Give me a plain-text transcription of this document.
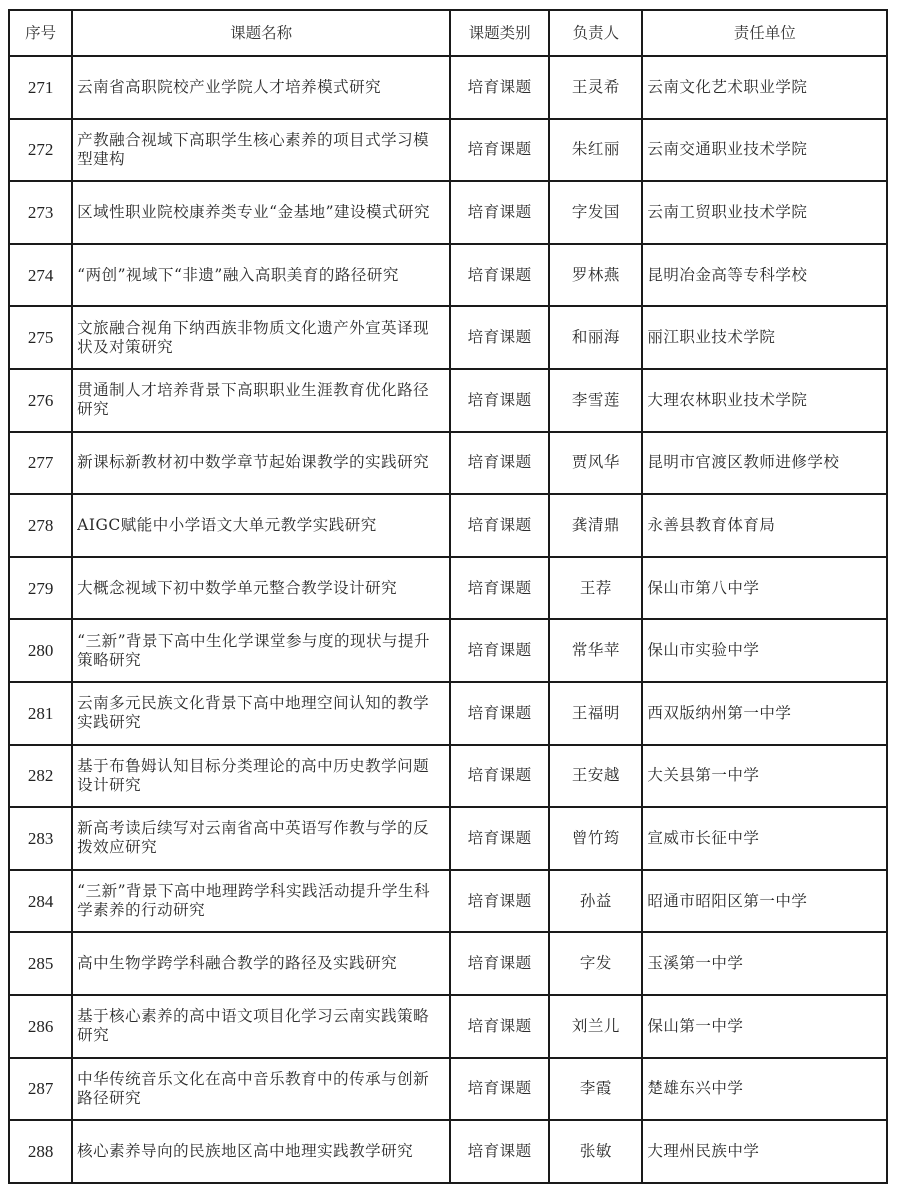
序号	课题名称	课题类别	负责人	责任单位
271	云南省高职院校产业学院人才培养模式研究	培育课题	王灵希	云南文化艺术职业学院
272	产教融合视域下高职学生核心素养的项目式学习模型建构	培育课题	朱红丽	云南交通职业技术学院
273	区域性职业院校康养类专业“金基地”建设模式研究	培育课题	字发国	云南工贸职业技术学院
274	“两创”视域下“非遗”融入高职美育的路径研究	培育课题	罗林燕	昆明冶金高等专科学校
275	文旅融合视角下纳西族非物质文化遗产外宣英译现状及对策研究	培育课题	和丽海	丽江职业技术学院
276	贯通制人才培养背景下高职职业生涯教育优化路径研究	培育课题	李雪莲	大理农林职业技术学院
277	新课标新教材初中数学章节起始课教学的实践研究	培育课题	贾风华	昆明市官渡区教师进修学校
278	AIGC赋能中小学语文大单元教学实践研究	培育课题	龚清鼎	永善县教育体育局
279	大概念视域下初中数学单元整合教学设计研究	培育课题	王荐	保山市第八中学
280	“三新”背景下高中生化学课堂参与度的现状与提升策略研究	培育课题	常华苹	保山市实验中学
281	云南多元民族文化背景下高中地理空间认知的教学实践研究	培育课题	王福明	西双版纳州第一中学
282	基于布鲁姆认知目标分类理论的高中历史教学问题设计研究	培育课题	王安越	大关县第一中学
283	新高考读后续写对云南省高中英语写作教与学的反拨效应研究	培育课题	曾竹筠	宣威市长征中学
284	“三新”背景下高中地理跨学科实践活动提升学生科学素养的行动研究	培育课题	孙益	昭通市昭阳区第一中学
285	高中生物学跨学科融合教学的路径及实践研究	培育课题	字发	玉溪第一中学
286	基于核心素养的高中语文项目化学习云南实践策略研究	培育课题	刘兰儿	保山第一中学
287	中华传统音乐文化在高中音乐教育中的传承与创新路径研究	培育课题	李霞	楚雄东兴中学
288	核心素养导向的民族地区高中地理实践教学研究	培育课题	张敏	大理州民族中学
